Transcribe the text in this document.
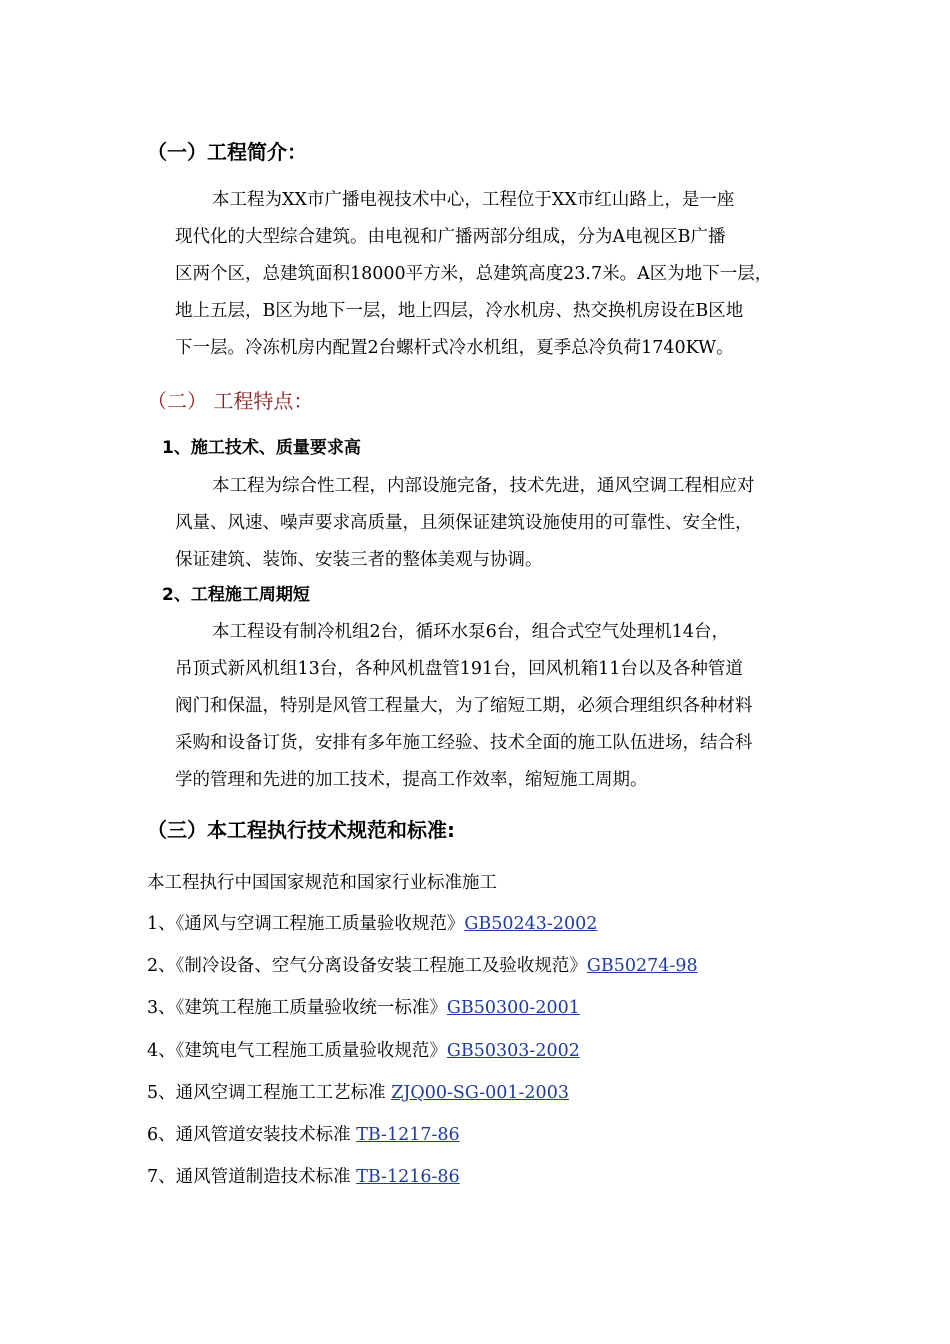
（一）工程简介：
本工程为XX市广播电视技术中心，工程位于XX市红山路上，是一座
现代化的大型综合建筑。由电视和广播两部分组成，分为A电视区B广播
区两个区，总建筑面积18000平方米，总建筑高度23.7米。A区为地下一层，
地上五层，B区为地下一层，地上四层，冷水机房、热交换机房设在B区地
下一层。冷冻机房内配置2台螺杆式冷水机组，夏季总冷负荷1740KW。
（二） 工程特点：
1、施工技术、质量要求高
本工程为综合性工程，内部设施完备，技术先进，通风空调工程相应对
风量、风速、噪声要求高质量，且须保证建筑设施使用的可靠性、安全性，
保证建筑、装饰、安装三者的整体美观与协调。
2、工程施工周期短
本工程设有制冷机组2台，循环水泵6台，组合式空气处理机14台，
吊顶式新风机组13台，各种风机盘管191台，回风机箱11台以及各种管道
阀门和保温，特别是风管工程量大，为了缩短工期，必须合理组织各种材料
采购和设备订货，安排有多年施工经验、技术全面的施工队伍进场，结合科
学的管理和先进的加工技术，提高工作效率，缩短施工周期。
（三）本工程执行技术规范和标准:
本工程执行中国国家规范和国家行业标准施工
1、《通风与空调工程施工质量验收规范》GB50243-2002
2、《制冷设备、空气分离设备安装工程施工及验收规范》GB50274-98
3、《建筑工程施工质量验收统一标准》GB50300-2001
4、《建筑电气工程施工质量验收规范》GB50303-2002
5、通风空调工程施工工艺标准 ZJQ00-SG-001-2003
6、通风管道安装技术标准 TB-1217-86
7、通风管道制造技术标准 TB-1216-86
